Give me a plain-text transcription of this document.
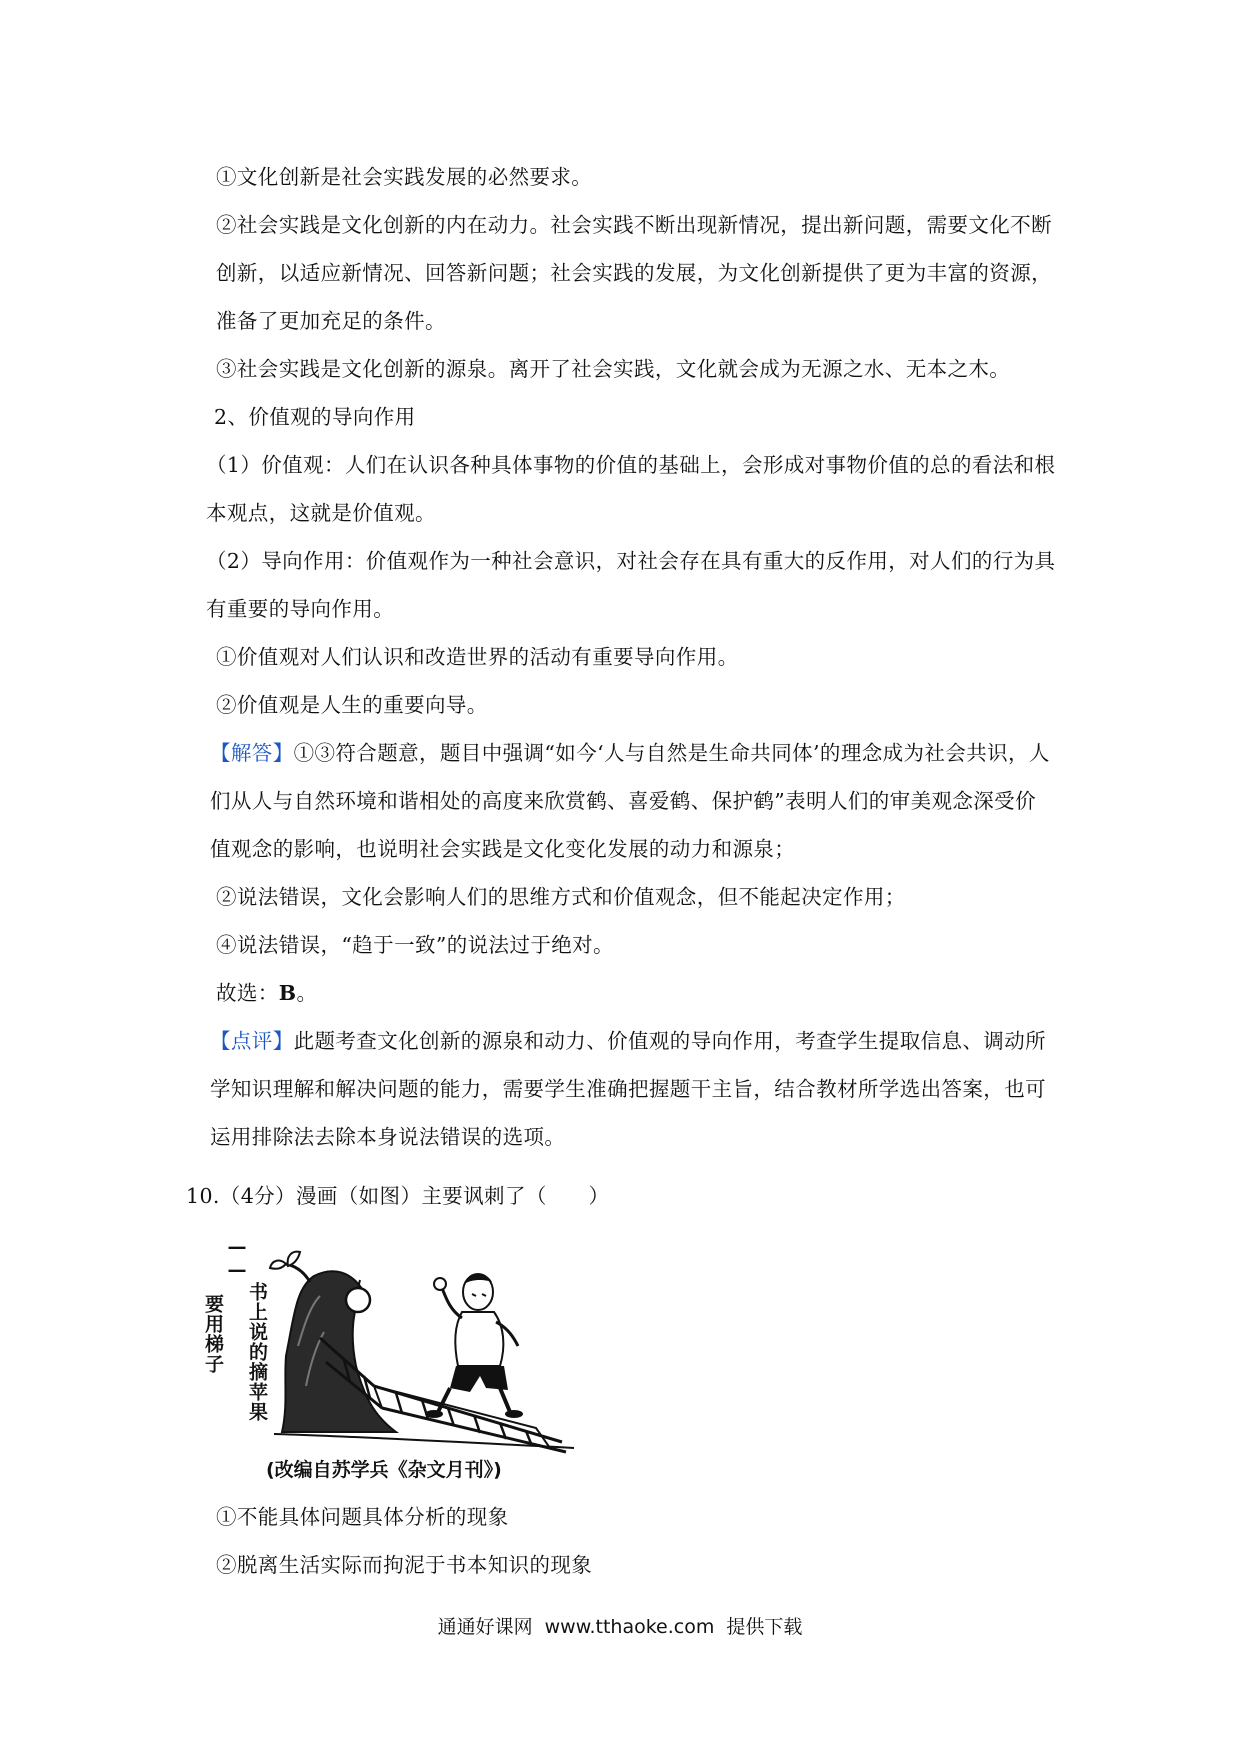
①文化创新是社会实践发展的必然要求。

②社会实践是文化创新的内在动力。社会实践不断出现新情况，提出新问题，需要文化不断创新，以适应新情况、回答新问题；社会实践的发展，为文化创新提供了更为丰富的资源，准备了更加充足的条件。

③社会实践是文化创新的源泉。离开了社会实践，文化就会成为无源之水、无本之木。

2、价值观的导向作用

（1）价值观：人们在认识各种具体事物的价值的基础上，会形成对事物价值的总的看法和根本观点，这就是价值观。

（2）导向作用：价值观作为一种社会意识，对社会存在具有重大的反作用，对人们的行为具有重要的导向作用。

①价值观对人们认识和改造世界的活动有重要导向作用。

②价值观是人生的重要向导。

【解答】①③符合题意，题目中强调“如今‘人与自然是生命共同体’的理念成为社会共识，人们从人与自然环境和谐相处的高度来欣赏鹤、喜爱鹤、保护鹤”表明人们的审美观念深受价值观念的影响，也说明社会实践是文化变化发展的动力和源泉；

②说法错误，文化会影响人们的思维方式和价值观念，但不能起决定作用；

④说法错误，“趋于一致”的说法过于绝对。

故选：B。

【点评】此题考查文化创新的源泉和动力、价值观的导向作用，考查学生提取信息、调动所学知识理解和解决问题的能力，需要学生准确把握题干主旨，结合教材所学选出答案，也可运用排除法去除本身说法错误的选项。

10.（4分）漫画（如图）主要讽刺了（　　）
——
要用梯子 书上说的摘苹果
(改编自苏学兵《杂文月刊》)

①不能具体问题具体分析的现象

②脱离生活实际而拘泥于书本知识的现象

通通好课网 www.tthaoke.com 提供下载
